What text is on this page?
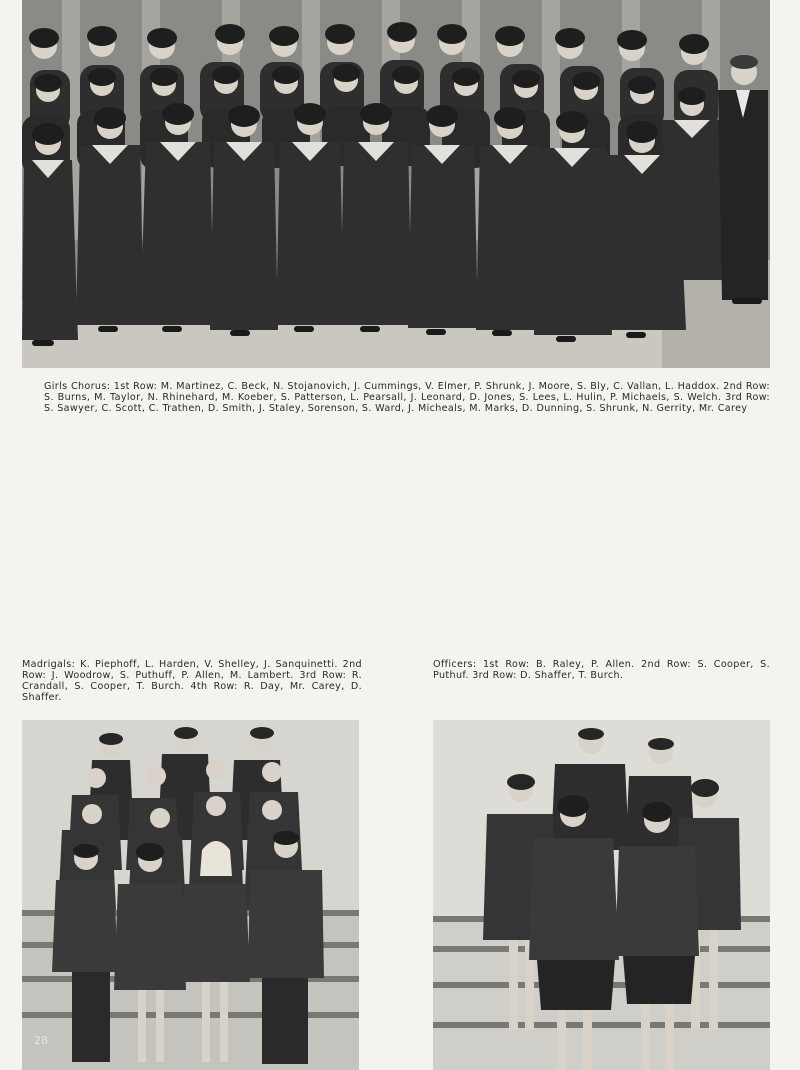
Girls Chorus: 1st Row: M. Martinez, C. Beck, N. Stojanovich, J. Cummings, V. Elmer, P. Shrunk, J. Moore, S. Bly, C. Vallan, L. Haddox. 2nd Row: S. Burns, M. Taylor, N. Rhinehard, M. Koeber, S. Patterson, L. Pearsall, J. Leonard, D. Jones, S. Lees, L. Hulin, P. Michaels, S. Welch. 3rd Row: S. Sawyer, C. Scott, C. Trathen, D. Smith, J. Staley, Sorenson, S. Ward, J. Micheals, M. Marks, D. Dunning, S. Shrunk, N. Gerrity, Mr. Carey
Madrigals: K. Piephoff, L. Harden, V. Shelley, J. Sanquinetti. 2nd Row: J. Woodrow, S. Puthuff, P. Allen, M. Lambert. 3rd Row: R. Crandall, S. Cooper, T. Burch. 4th Row: R. Day, Mr. Carey, D. Shaffer.
Officers: 1st Row: B. Raley, P. Allen. 2nd Row: S. Cooper, S. Puthuf. 3rd Row: D. Shaffer, T. Burch.
28
